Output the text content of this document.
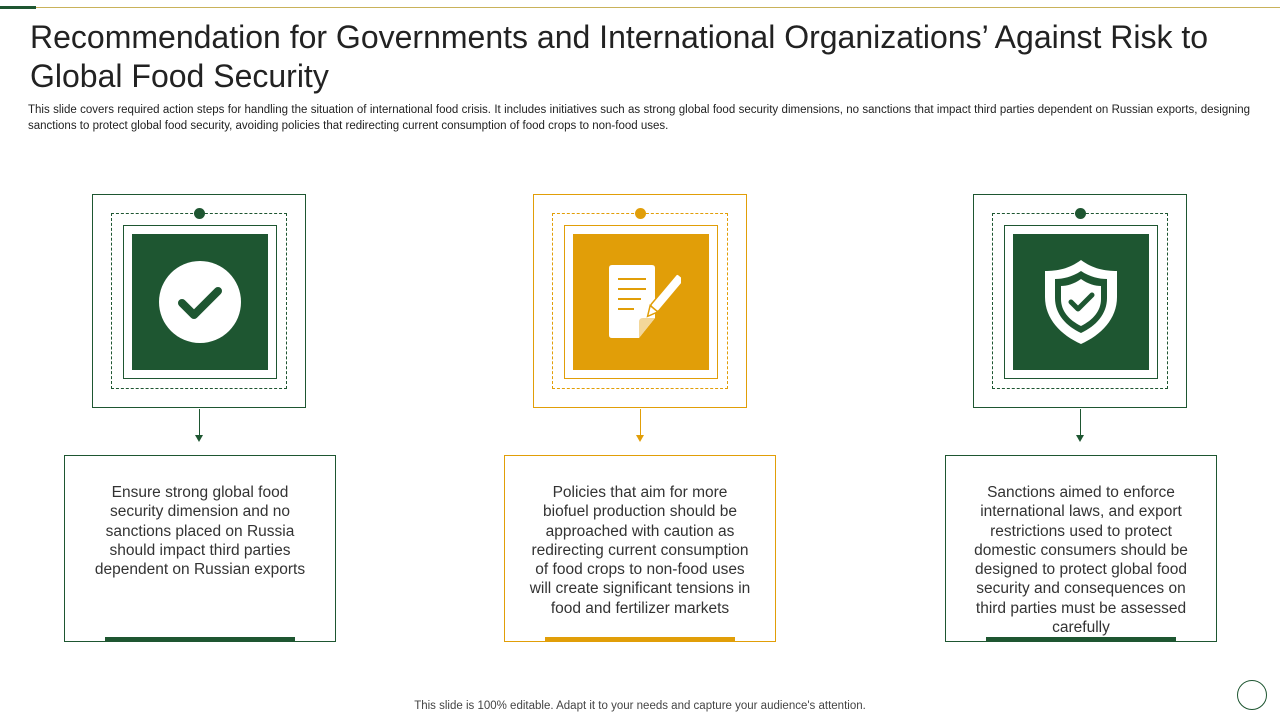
Recommendation for Governments and International Organizations’ Against Risk to Global Food Security

This slide covers required action steps for handling the situation of international food crisis. It includes initiatives such as strong global food security dimensions, no sanctions that impact third parties dependent on Russian exports, designing sanctions to protect global food security, avoiding policies that redirecting current consumption of food crops to non-food uses.

Ensure strong global food security dimension and no sanctions placed on Russia should impact third parties dependent on Russian exports
Policies that aim for more biofuel production should be approached with caution as redirecting current consumption of food crops to non-food uses will create significant tensions in food and fertilizer markets
Sanctions aimed to enforce international laws, and export restrictions used to protect domestic consumers should be designed to protect global food security and consequences on third parties must be assessed carefully
This slide is 100% editable. Adapt it to your needs and capture your audience's attention.
